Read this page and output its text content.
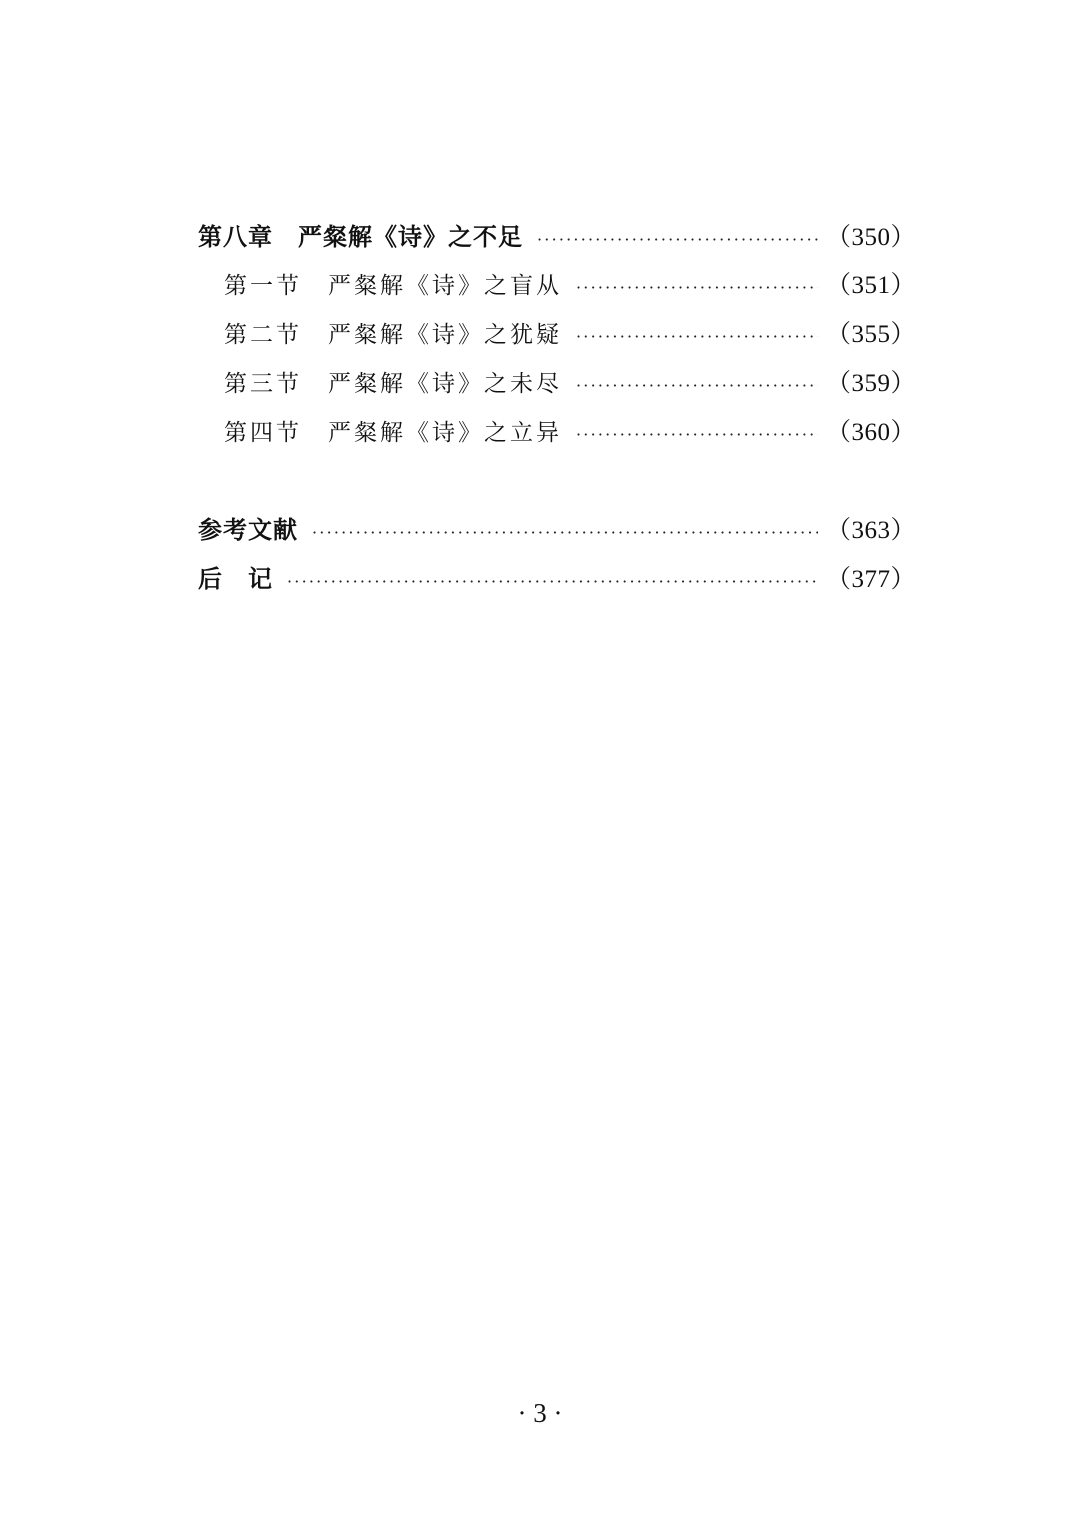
第八章　严粲解《诗》之不足 ·····	（350）
第一节　严粲解《诗》之盲从 ·····	（351）
第二节　严粲解《诗》之犹疑 ·····	（355）
第三节　严粲解《诗》之未尽 ·····	（359）
第四节　严粲解《诗》之立异 ·····	（360）
参考文献 ·····	（363）
后　记 ·····	（377）
· 3 ·
